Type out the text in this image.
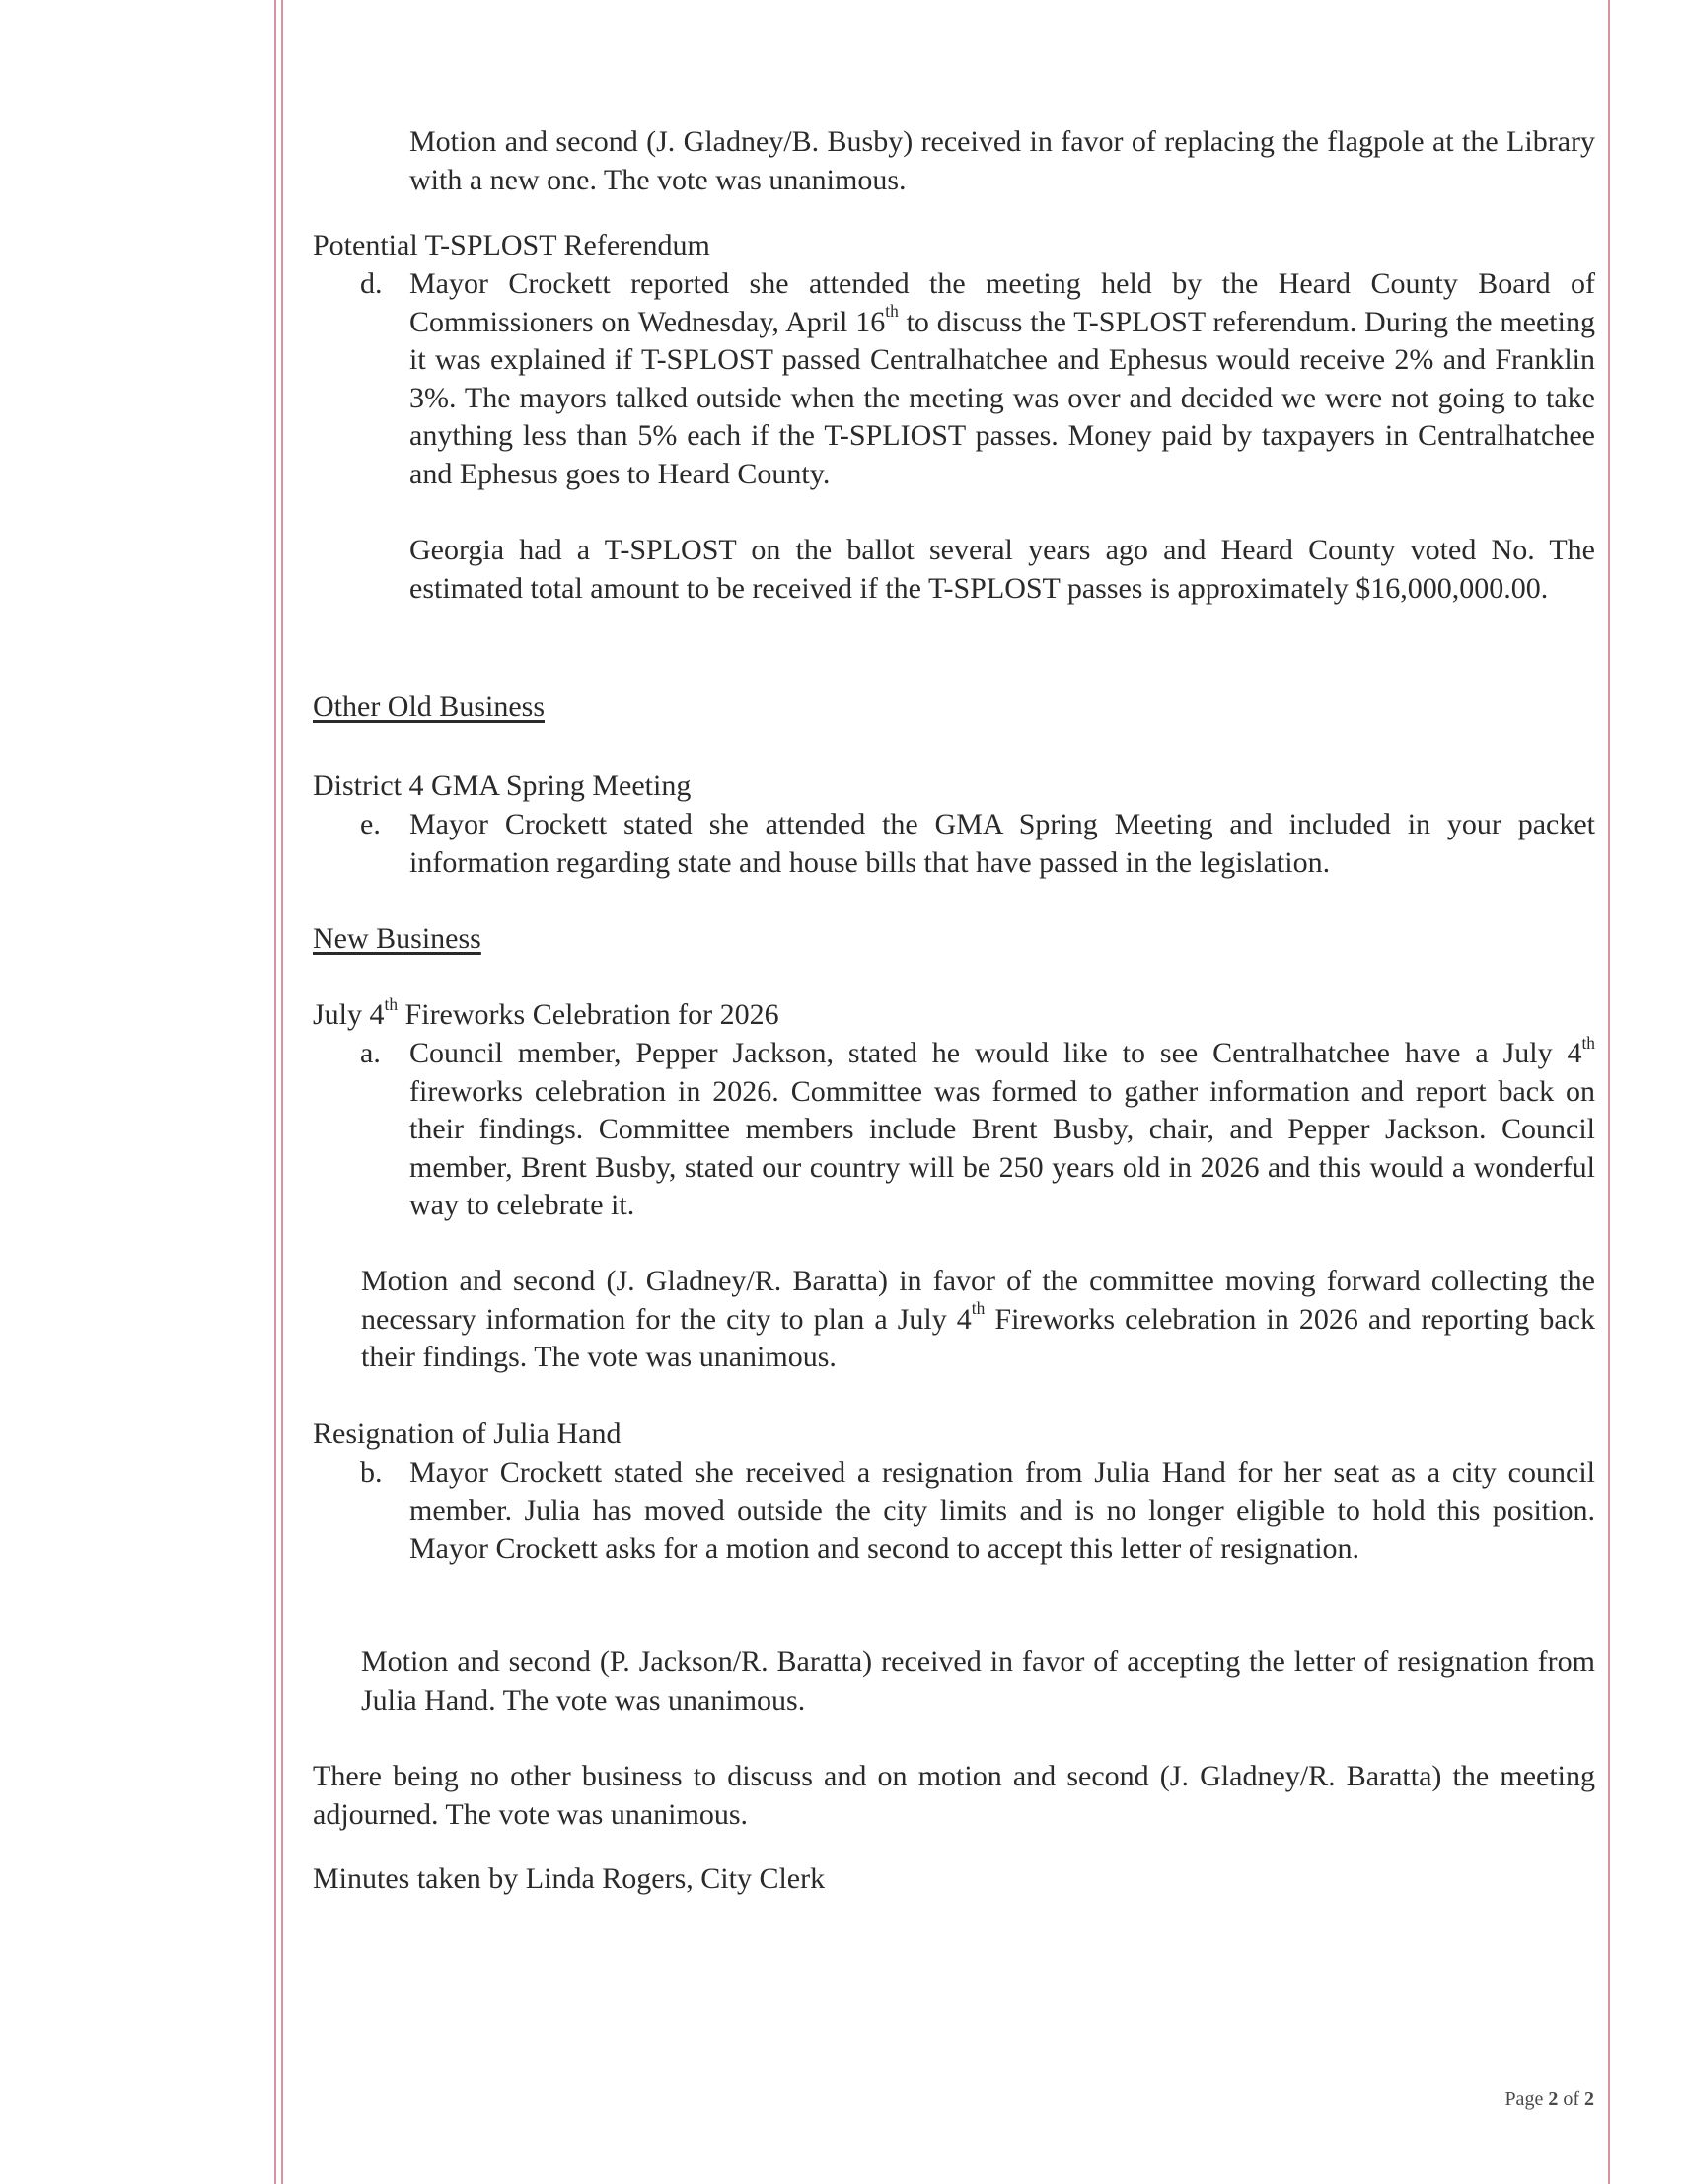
Motion and second (J. Gladney/B. Busby) received in favor of replacing the flagpole at the Library with a new one. The vote was unanimous.

Potential T-SPLOST Referendum

d. Mayor Crockett reported she attended the meeting held by the Heard County Board of Commissioners on Wednesday, April 16th to discuss the T-SPLOST referendum. During the meeting it was explained if T-SPLOST passed Centralhatchee and Ephesus would receive 2% and Franklin 3%. The mayors talked outside when the meeting was over and decided we were not going to take anything less than 5% each if the T-SPLIOST passes. Money paid by taxpayers in Centralhatchee and Ephesus goes to Heard County.

Georgia had a T-SPLOST on the ballot several years ago and Heard County voted No. The estimated total amount to be received if the T-SPLOST passes is approximately $16,000,000.00.

Other Old Business

District 4 GMA Spring Meeting

e. Mayor Crockett stated she attended the GMA Spring Meeting and included in your packet information regarding state and house bills that have passed in the legislation.

New Business

July 4th Fireworks Celebration for 2026

a. Council member, Pepper Jackson, stated he would like to see Centralhatchee have a July 4th fireworks celebration in 2026. Committee was formed to gather information and report back on their findings. Committee members include Brent Busby, chair, and Pepper Jackson. Council member, Brent Busby, stated our country will be 250 years old in 2026 and this would a wonderful way to celebrate it.

Motion and second (J. Gladney/R. Baratta) in favor of the committee moving forward collecting the necessary information for the city to plan a July 4th Fireworks celebration in 2026 and reporting back their findings. The vote was unanimous.

Resignation of Julia Hand

b. Mayor Crockett stated she received a resignation from Julia Hand for her seat as a city council member. Julia has moved outside the city limits and is no longer eligible to hold this position. Mayor Crockett asks for a motion and second to accept this letter of resignation.

Motion and second (P. Jackson/R. Baratta) received in favor of accepting the letter of resignation from Julia Hand. The vote was unanimous.

There being no other business to discuss and on motion and second (J. Gladney/R. Baratta) the meeting adjourned. The vote was unanimous.

Minutes taken by Linda Rogers, City Clerk

Page 2 of 2
